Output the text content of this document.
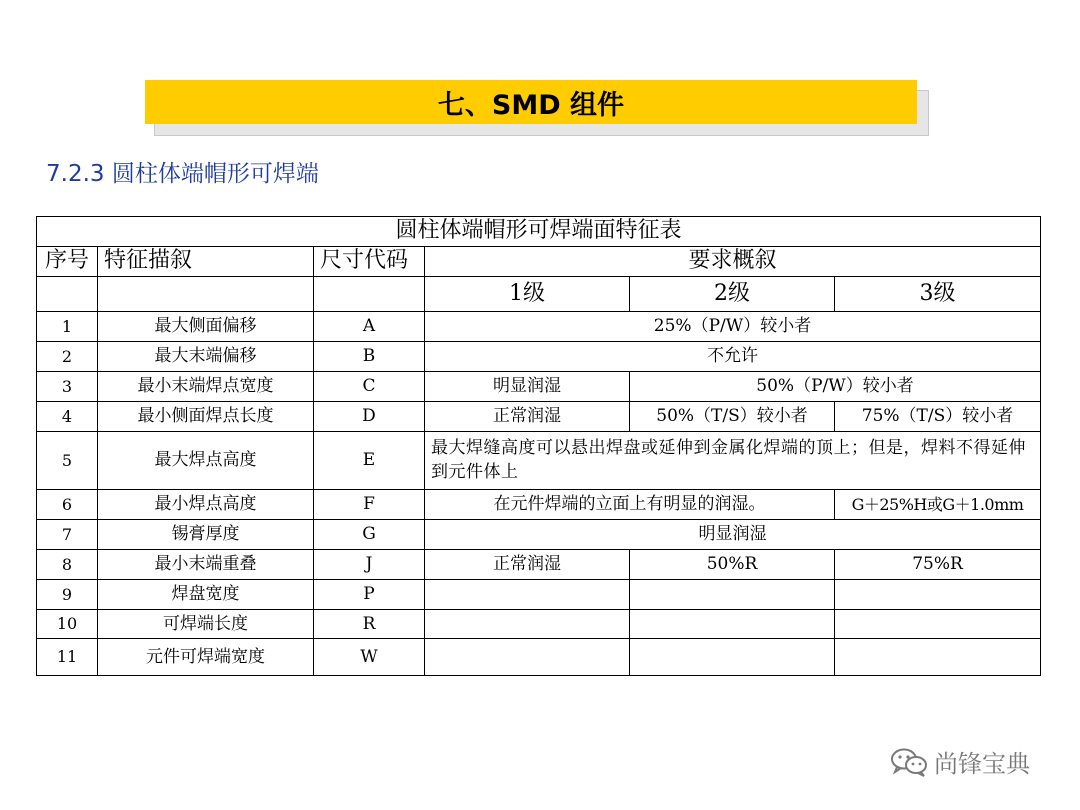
七、SMD 组件
7.2.3 圆柱体端帽形可焊端
圆柱体端帽形可焊端面特征表					
序号	特征描叙	尺寸代码	要求概叙		
			1级	2级	3级
1	最大侧面偏移	A	25%（P/W）较小者		
2	最大末端偏移	B	不允许		
3	最小末端焊点宽度	C	明显润湿	50%（P/W）较小者	
4	最小侧面焊点长度	D	正常润湿	50%（T/S）较小者	75%（T/S）较小者
5	最大焊点高度	E	最大焊缝高度可以悬出焊盘或延伸到金属化焊端的顶上；但是，焊料不得延伸到元件体上		
6	最小焊点高度	F	在元件焊端的立面上有明显的润湿。		G＋25%H或G＋1.0mm
7	锡膏厚度	G	明显润湿		
8	最小末端重叠	J	正常润湿	50%R	75%R
9	焊盘宽度	P			
10	可焊端长度	R			
11	元件可焊端宽度	W			
尚锋宝典
